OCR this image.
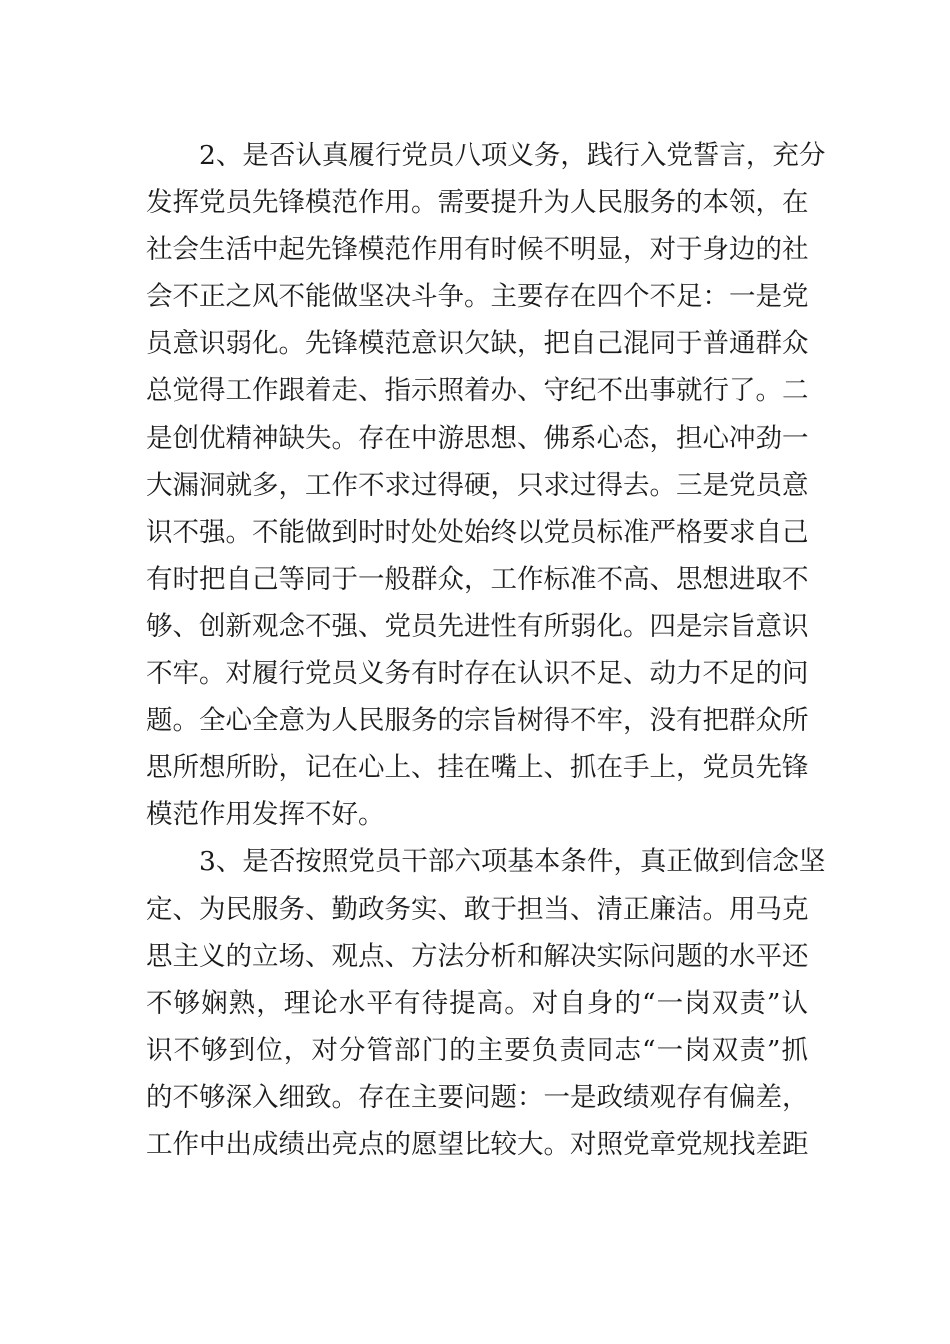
2、是否认真履行党员八项义务，践行入党誓言，充分
发挥党员先锋模范作用。需要提升为人民服务的本领，在
社会生活中起先锋模范作用有时候不明显，对于身边的社
会不正之风不能做坚决斗争。主要存在四个不足：一是党
员意识弱化。先锋模范意识欠缺，把自己混同于普通群众
总觉得工作跟着走、指示照着办、守纪不出事就行了。二
是创优精神缺失。存在中游思想、佛系心态，担心冲劲一
大漏洞就多，工作不求过得硬，只求过得去。三是党员意
识不强。不能做到时时处处始终以党员标准严格要求自己
有时把自己等同于一般群众，工作标准不高、思想进取不
够、创新观念不强、党员先进性有所弱化。四是宗旨意识
不牢。对履行党员义务有时存在认识不足、动力不足的问
题。全心全意为人民服务的宗旨树得不牢，没有把群众所
思所想所盼，记在心上、挂在嘴上、抓在手上，党员先锋
模范作用发挥不好。
3、是否按照党员干部六项基本条件，真正做到信念坚
定、为民服务、勤政务实、敢于担当、清正廉洁。用马克
思主义的立场、观点、方法分析和解决实际问题的水平还
不够娴熟，理论水平有待提高。对自身的“一岗双责”认
识不够到位，对分管部门的主要负责同志“一岗双责”抓
的不够深入细致。存在主要问题：一是政绩观存有偏差，
工作中出成绩出亮点的愿望比较大。对照党章党规找差距
